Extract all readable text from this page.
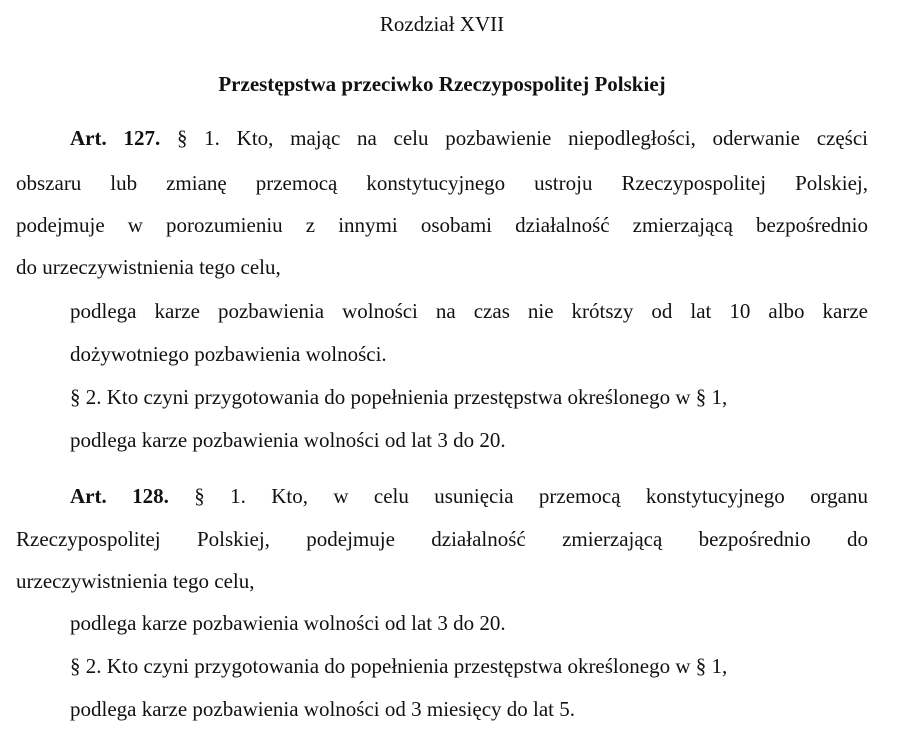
Rozdział XVII
Przestępstwa przeciwko Rzeczypospolitej Polskiej
Art. 127. § 1. Kto, mając na celu pozbawienie niepodległości, oderwanie części
obszaru lub zmianę przemocą konstytucyjnego ustroju Rzeczypospolitej Polskiej,
podejmuje w porozumieniu z innymi osobami działalność zmierzającą bezpośrednio
do urzeczywistnienia tego celu,
podlega karze pozbawienia wolności na czas nie krótszy od lat 10 albo karze
dożywotniego pozbawienia wolności.
§ 2. Kto czyni przygotowania do popełnienia przestępstwa określonego w § 1,
podlega karze pozbawienia wolności od lat 3 do 20.
Art. 128. § 1. Kto, w celu usunięcia przemocą konstytucyjnego organu
Rzeczypospolitej Polskiej, podejmuje działalność zmierzającą bezpośrednio do
urzeczywistnienia tego celu,
podlega karze pozbawienia wolności od lat 3 do 20.
§ 2. Kto czyni przygotowania do popełnienia przestępstwa określonego w § 1,
podlega karze pozbawienia wolności od 3 miesięcy do lat 5.
